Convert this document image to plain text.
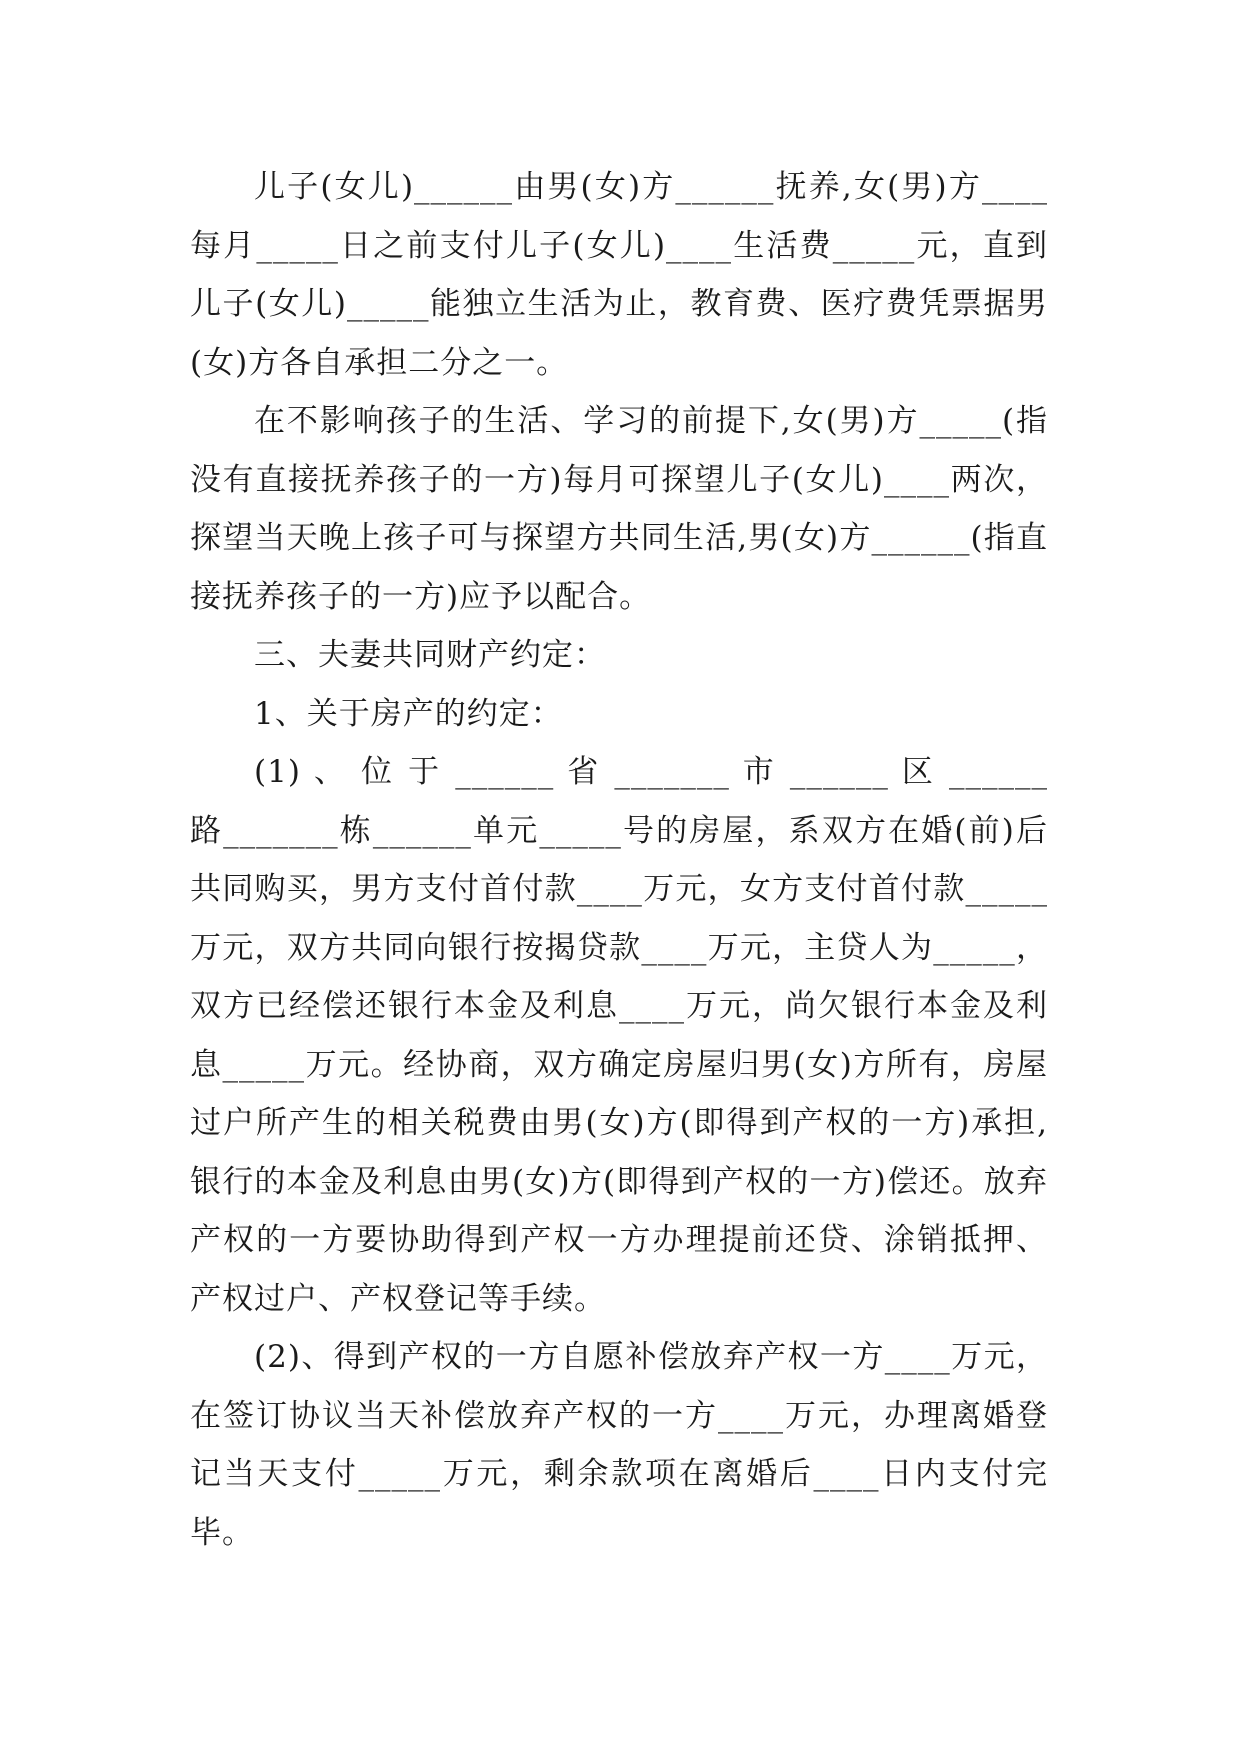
儿子(女儿)______由男(女)方______抚养,女(男)方____每月_____日之前支付儿子(女儿)____生活费_____元，直到儿子(女儿)_____能独立生活为止，教育费、医疗费凭票据男(女)方各自承担二分之一。

在不影响孩子的生活、学习的前提下,女(男)方_____(指没有直接抚养孩子的一方)每月可探望儿子(女儿)____两次，探望当天晚上孩子可与探望方共同生活,男(女)方______(指直接抚养孩子的一方)应予以配合。

三、夫妻共同财产约定：

1、关于房产的约定：

(1) 、 位 于 ______ 省 _______ 市 ______ 区 ______ 路_______栋______单元_____号的房屋，系双方在婚(前)后共同购买，男方支付首付款____万元，女方支付首付款_____万元，双方共同向银行按揭贷款____万元，主贷人为_____，双方已经偿还银行本金及利息____万元，尚欠银行本金及利息_____万元。经协商，双方确定房屋归男(女)方所有，房屋过户所产生的相关税费由男(女)方(即得到产权的一方)承担,银行的本金及利息由男(女)方(即得到产权的一方)偿还。放弃产权的一方要协助得到产权一方办理提前还贷、涂销抵押、产权过户、产权登记等手续。

(2)、得到产权的一方自愿补偿放弃产权一方____万元，在签订协议当天补偿放弃产权的一方____万元，办理离婚登记当天支付_____万元，剩余款项在离婚后____日内支付完毕。
